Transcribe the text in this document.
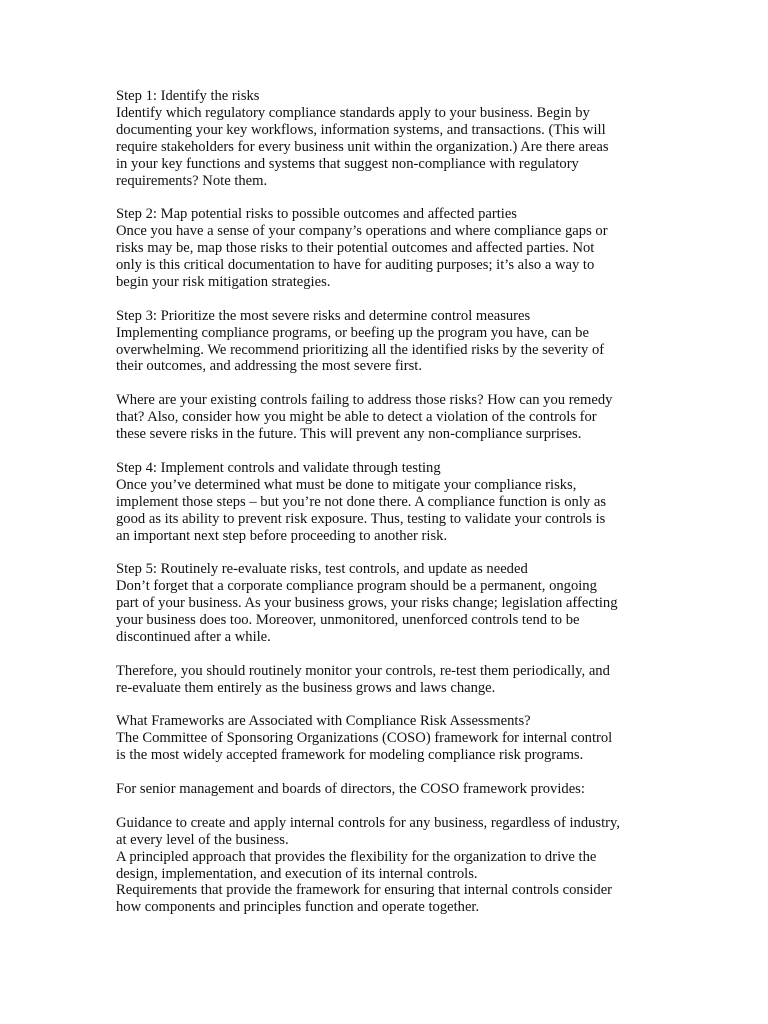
Step 1: Identify the risks
Identify which regulatory compliance standards apply to your business. Begin by
documenting your key workflows, information systems, and transactions. (This will
require stakeholders for every business unit within the organization.) Are there areas
in your key functions and systems that suggest non-compliance with regulatory
requirements? Note them.
Step 2: Map potential risks to possible outcomes and affected parties
Once you have a sense of your company’s operations and where compliance gaps or
risks may be, map those risks to their potential outcomes and affected parties. Not
only is this critical documentation to have for auditing purposes; it’s also a way to
begin your risk mitigation strategies.
Step 3: Prioritize the most severe risks and determine control measures
Implementing compliance programs, or beefing up the program you have, can be
overwhelming. We recommend prioritizing all the identified risks by the severity of
their outcomes, and addressing the most severe first.
Where are your existing controls failing to address those risks? How can you remedy
that? Also, consider how you might be able to detect a violation of the controls for
these severe risks in the future. This will prevent any non-compliance surprises.
Step 4: Implement controls and validate through testing
Once you’ve determined what must be done to mitigate your compliance risks,
implement those steps – but you’re not done there. A compliance function is only as
good as its ability to prevent risk exposure. Thus, testing to validate your controls is
an important next step before proceeding to another risk.
Step 5: Routinely re-evaluate risks, test controls, and update as needed
Don’t forget that a corporate compliance program should be a permanent, ongoing
part of your business. As your business grows, your risks change; legislation affecting
your business does too. Moreover, unmonitored, unenforced controls tend to be
discontinued after a while.
Therefore, you should routinely monitor your controls, re-test them periodically, and
re-evaluate them entirely as the business grows and laws change.
What Frameworks are Associated with Compliance Risk Assessments?
The Committee of Sponsoring Organizations (COSO) framework for internal control
is the most widely accepted framework for modeling compliance risk programs.
For senior management and boards of directors, the COSO framework provides:
Guidance to create and apply internal controls for any business, regardless of industry,
at every level of the business.
A principled approach that provides the flexibility for the organization to drive the
design, implementation, and execution of its internal controls.
Requirements that provide the framework for ensuring that internal controls consider
how components and principles function and operate together.
